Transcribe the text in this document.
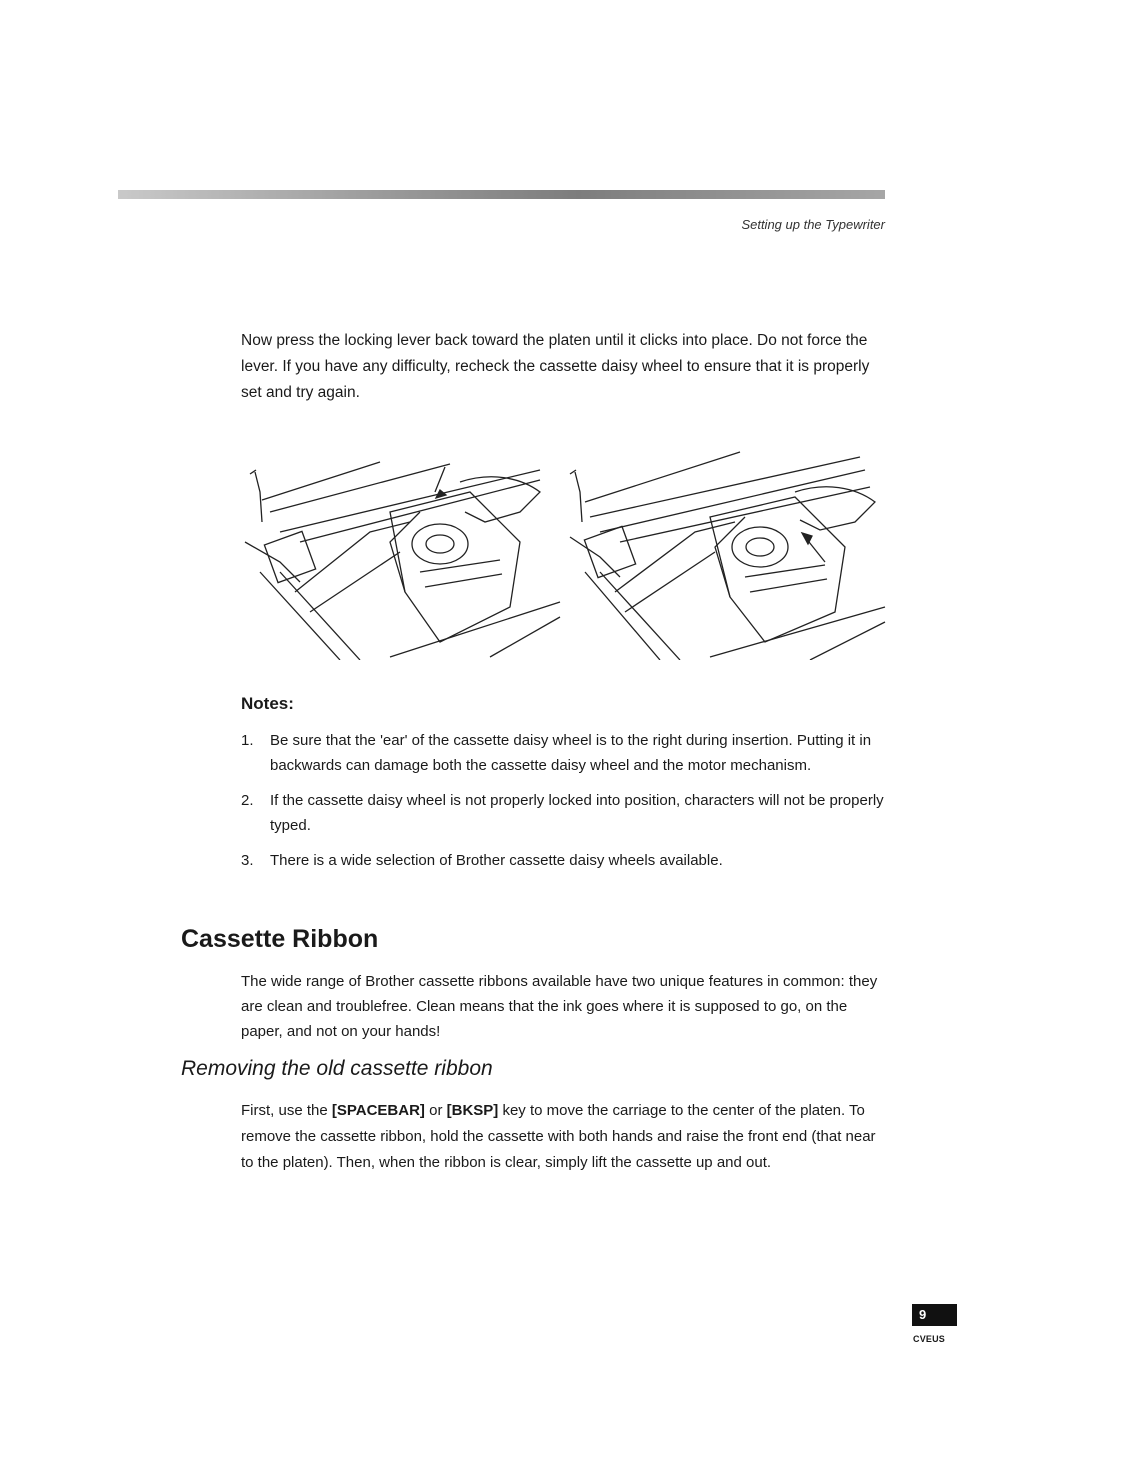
Setting up the Typewriter

Now press the locking lever back toward the platen until it clicks into place. Do not force the lever. If you have any difficulty, recheck the cassette daisy wheel to ensure that it is properly set and try again.

Notes:
1.	Be sure that the 'ear' of the cassette daisy wheel is to the right during insertion. Putting it in backwards can damage both the cassette daisy wheel and the motor mechanism.
2.	If the cassette daisy wheel is not properly locked into position, characters will not be properly typed.
3.	There is a wide selection of Brother cassette daisy wheels available.
Cassette Ribbon

The wide range of Brother cassette ribbons available have two unique features in common: they are clean and troublefree. Clean means that the ink goes where it is supposed to go, on the paper, and not on your hands!

Removing the old cassette ribbon

First, use the [SPACEBAR] or [BKSP] key to move the carriage to the center of the platen. To remove the cassette ribbon, hold the cassette with both hands and raise the front end (that near to the platen). Then, when the ribbon is clear, simply lift the cassette up and out.

9
CVEUS
